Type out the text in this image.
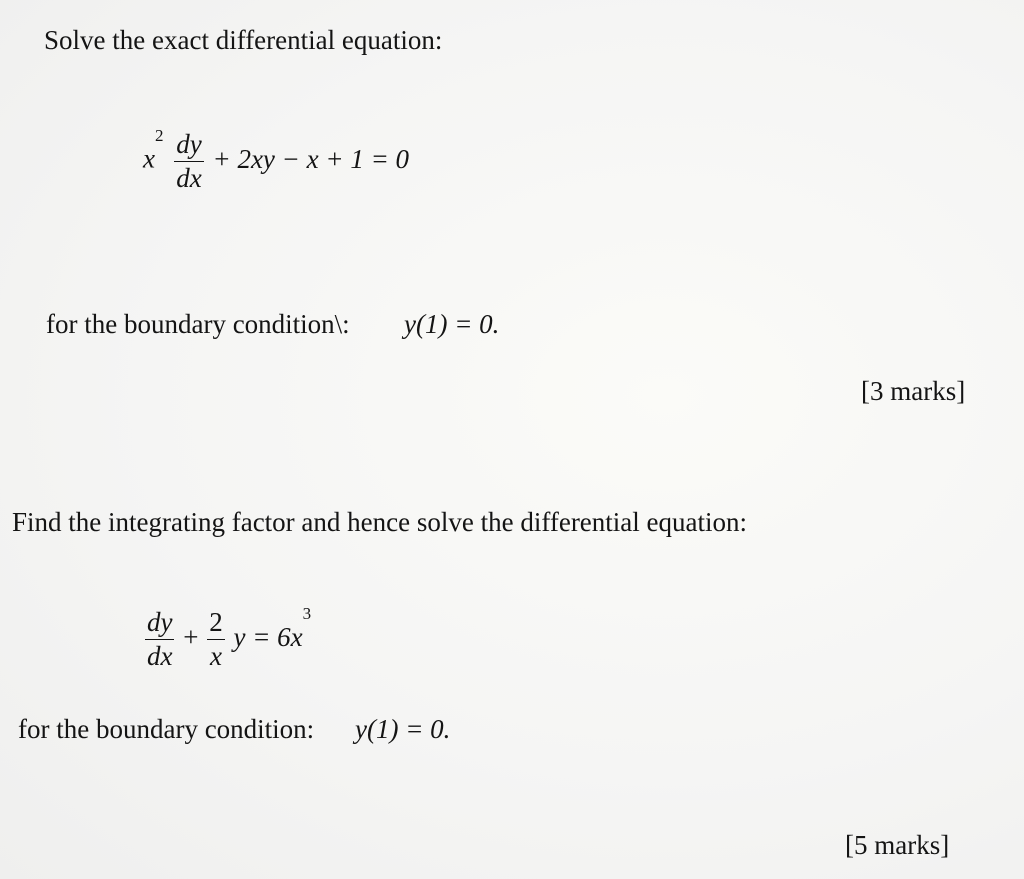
Solve the exact differential equation:
$x^2 \frac{dy}{dx} + 2xy - x + 1 = 0$
for the boundary condition\: y(1) = 0.
[3 marks]
Find the integrating factor and hence solve the differential equation:
$\frac{dy}{dx} + \frac{2}{x}$ $y = 6x^3$
for the boundary condition: y(1) = 0.
[5 marks]
